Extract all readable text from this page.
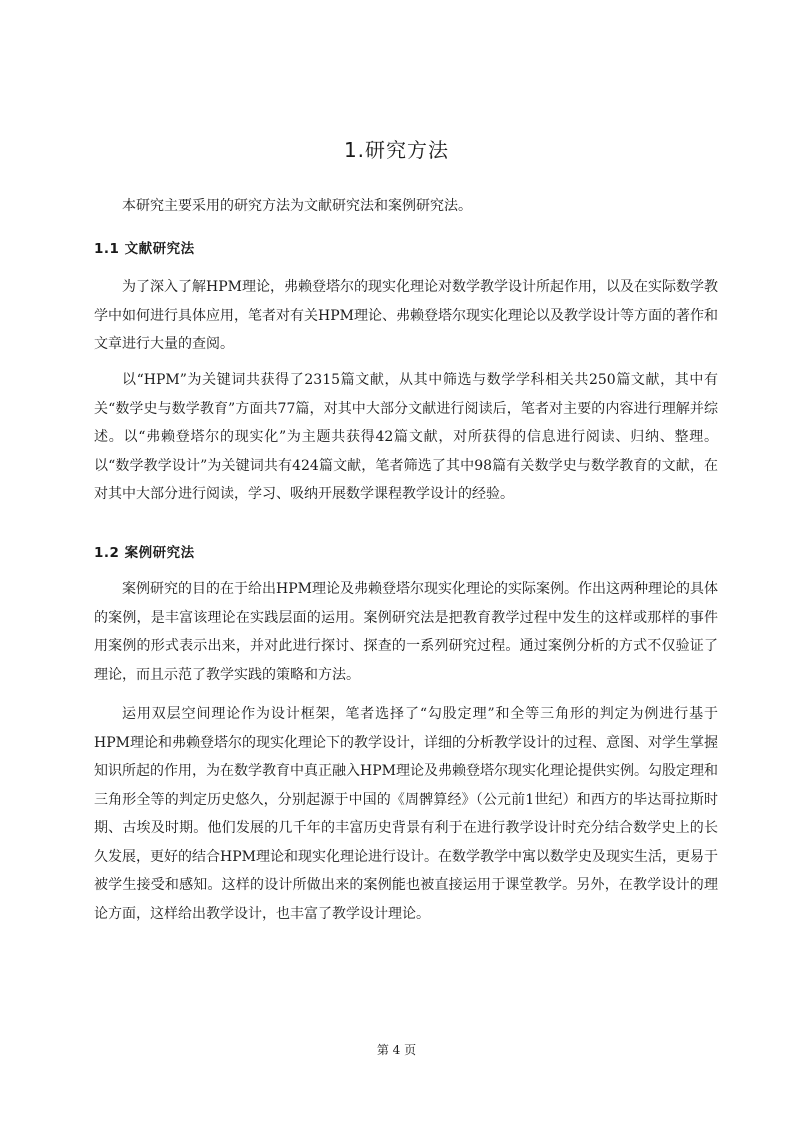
1.研究方法

本研究主要采用的研究方法为文献研究法和案例研究法。

1.1 文献研究法

为了深入了解HPM理论，弗赖登塔尔的现实化理论对数学教学设计所起作用，以及在实际数学教学中如何进行具体应用，笔者对有关HPM理论、弗赖登塔尔现实化理论以及教学设计等方面的著作和文章进行大量的查阅。

以“HPM”为关键词共获得了2315篇文献，从其中筛选与数学学科相关共250篇文献，其中有关“数学史与数学教育”方面共77篇，对其中大部分文献进行阅读后，笔者对主要的内容进行理解并综述。以“弗赖登塔尔的现实化”为主题共获得42篇文献，对所获得的信息进行阅读、归纳、整理。以“数学教学设计”为关键词共有424篇文献，笔者筛选了其中98篇有关数学史与数学教育的文献，在对其中大部分进行阅读，学习、吸纳开展数学课程教学设计的经验。

1.2 案例研究法

案例研究的目的在于给出HPM理论及弗赖登塔尔现实化理论的实际案例。作出这两种理论的具体的案例，是丰富该理论在实践层面的运用。案例研究法是把教育教学过程中发生的这样或那样的事件用案例的形式表示出来，并对此进行探讨、探查的一系列研究过程。通过案例分析的方式不仅验证了理论，而且示范了教学实践的策略和方法。

运用双层空间理论作为设计框架，笔者选择了“勾股定理”和全等三角形的判定为例进行基于HPM理论和弗赖登塔尔的现实化理论下的教学设计，详细的分析教学设计的过程、意图、对学生掌握知识所起的作用，为在数学教育中真正融入HPM理论及弗赖登塔尔现实化理论提供实例。勾股定理和三角形全等的判定历史悠久，分别起源于中国的《周髀算经》（公元前1世纪）和西方的毕达哥拉斯时期、古埃及时期。他们发展的几千年的丰富历史背景有利于在进行教学设计时充分结合数学史上的长久发展，更好的结合HPM理论和现实化理论进行设计。在数学教学中寓以数学史及现实生活，更易于被学生接受和感知。这样的设计所做出来的案例能也被直接运用于课堂教学。另外，在教学设计的理论方面，这样给出教学设计，也丰富了教学设计理论。

第 4 页
